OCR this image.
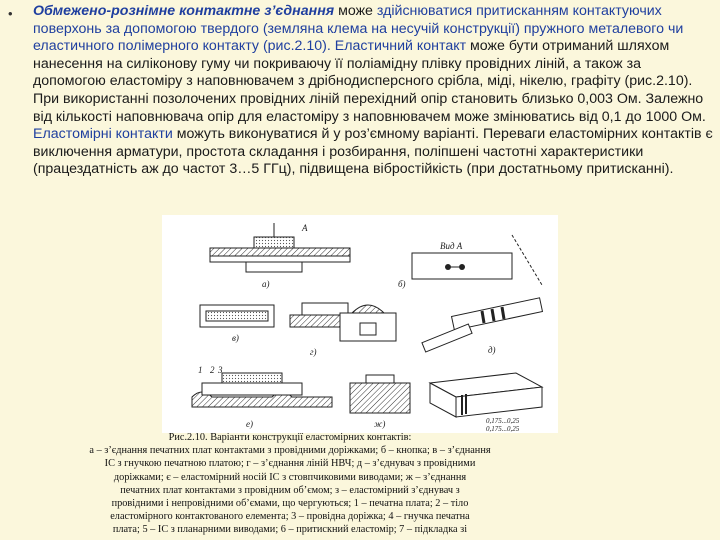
• Обмежено-рознімне контактне з’єднання може здійснюватися притисканням контактуючих поверхонь за допомогою твердого (земляна клема на несучій конструкції) пружного металевого чи еластичного полімерного контакту (рис.2.10). Еластичний контакт може бути отриманий шляхом нанесення на силіконову гуму чи покриваючу її поліамідну плівку провідних ліній, а також за допомогою еластоміру з наповнювачем з дрібнодисперсного срібла, міді, нікелю, графіту (рис.2.10). При використанні позолочених провідних ліній перехідний опір становить близько 0,003 Ом. Залежно від кількості наповнювача опір для еластоміру з наповнювачем може змінюватись від 0,1 до 1000 Ом. Еластомірні контакти можуть виконуватися й у роз’ємному варіанті. Переваги еластомірних контактів є виключення арматури, простота складання і розбирання, поліпшені частотні характеристики (працездатність аж до частот 3…5 ГГц), підвищена віброcтійкість (при достатньому притисканні).
A
a)
Вид А
б)
в)
г)	д)
1 2 3
е)	ж)	0,175...0,25
0,175...0,25
Рис.2.10. Варіанти конструкції еластомірних контактів:
а – з’єднання печатних плат контактами з провідними доріжками; б – кнопка; в – з’єднання
ІС з гнучкою печатною платою; г – з’єднання ліній НВЧ; д – з’єднувач з провідними
доріжками; є – еластомірний носій ІС з стовпчиковими виводами; ж – з’єднання
печатних плат контактами з провідним об’ємом; з – еластомірний з’єднувач з
провідними і непровідними об’ємами, що чергуються; 1 – печатна плата; 2 – тіло
еластомірного контактованого елемента; 3 – провідна доріжка; 4 – гнучка печатна
плата; 5 – ІС з планарними виводами; 6 – притискний еластомір; 7 – підкладка зі
